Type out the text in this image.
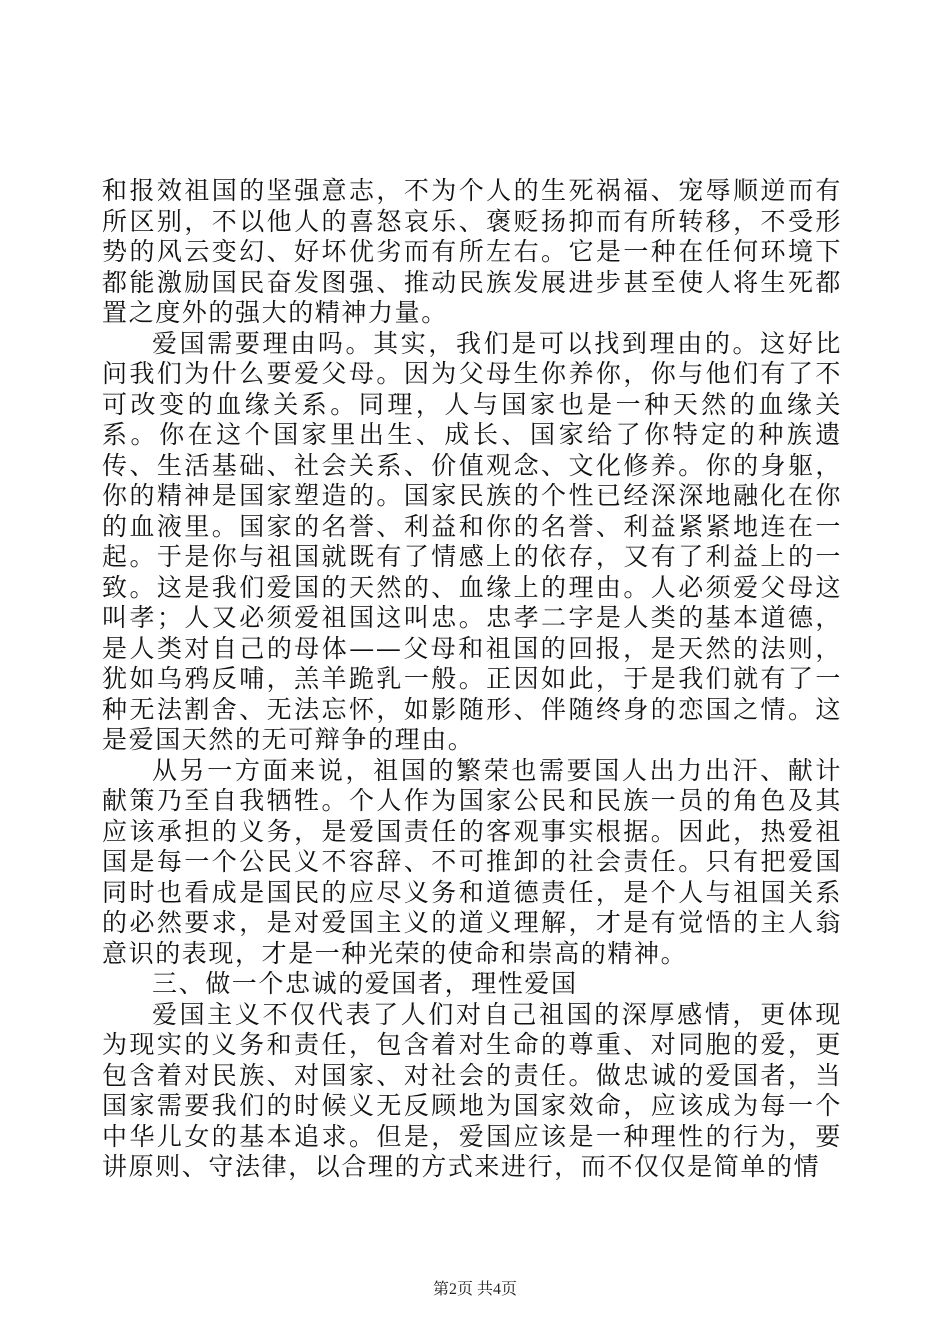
和报效祖国的坚强意志，不为个人的生死祸福、宠辱顺逆而有所区别，不以他人的喜怒哀乐、褒贬扬抑而有所转移，不受形势的风云变幻、好坏优劣而有所左右。它是一种在任何环境下都能激励国民奋发图强、推动民族发展进步甚至使人将生死都置之度外的强大的精神力量。

爱国需要理由吗。其实，我们是可以找到理由的。这好比问我们为什么要爱父母。因为父母生你养你，你与他们有了不可改变的血缘关系。同理，人与国家也是一种天然的血缘关系。你在这个国家里出生、成长、国家给了你特定的种族遗传、生活基础、社会关系、价值观念、文化修养。你的身躯，你的精神是国家塑造的。国家民族的个性已经深深地融化在你的血液里。国家的名誉、利益和你的名誉、利益紧紧地连在一起。于是你与祖国就既有了情感上的依存，又有了利益上的一致。这是我们爱国的天然的、血缘上的理由。人必须爱父母这叫孝；人又必须爱祖国这叫忠。忠孝二字是人类的基本道德，是人类对自己的母体——父母和祖国的回报，是天然的法则，犹如乌鸦反哺，羔羊跪乳一般。正因如此，于是我们就有了一种无法割舍、无法忘怀，如影随形、伴随终身的恋国之情。这是爱国天然的无可辩争的理由。

从另一方面来说，祖国的繁荣也需要国人出力出汗、献计献策乃至自我牺牲。个人作为国家公民和民族一员的角色及其应该承担的义务，是爱国责任的客观事实根据。因此，热爱祖国是每一个公民义不容辞、不可推卸的社会责任。只有把爱国同时也看成是国民的应尽义务和道德责任，是个人与祖国关系的必然要求，是对爱国主义的道义理解，才是有觉悟的主人翁意识的表现，才是一种光荣的使命和崇高的精神。

三、做一个忠诚的爱国者，理性爱国

爱国主义不仅代表了人们对自己祖国的深厚感情，更体现为现实的义务和责任，包含着对生命的尊重、对同胞的爱，更包含着对民族、对国家、对社会的责任。做忠诚的爱国者，当国家需要我们的时候义无反顾地为国家效命，应该成为每一个中华儿女的基本追求。但是，爱国应该是一种理性的行为，要讲原则、守法律，以合理的方式来进行，而不仅仅是简单的情

第2页 共4页
